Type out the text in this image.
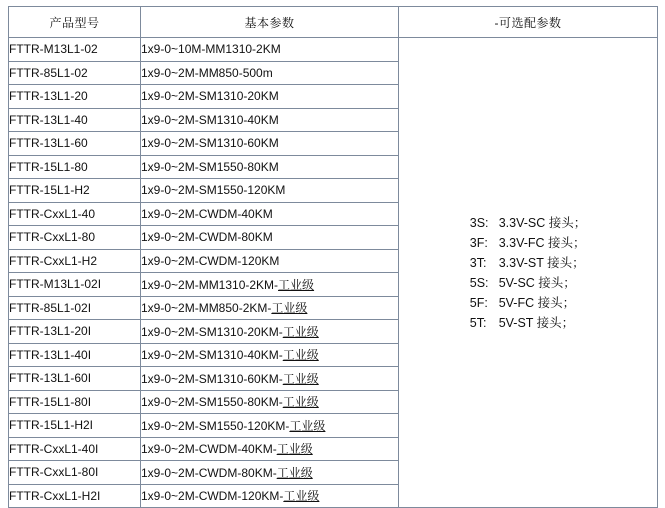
产品型号	基本参数	-可选配参数
FTTR-M13L1-02	1x9-0~10M-MM1310-2KM	
3S:  3.3V-SC 接头；
3F:  3.3V-FC 接头；
3T:  3.3V-ST 接头；
5S:  5V-SC 接头；
5F:  5V-FC 接头；
5T:  5V-ST 接头；

FTTR-85L1-02	1x9-0~2M-MM850-500m	
FTTR-13L1-20	1x9-0~2M-SM1310-20KM	
FTTR-13L1-40	1x9-0~2M-SM1310-40KM	
FTTR-13L1-60	1x9-0~2M-SM1310-60KM	
FTTR-15L1-80	1x9-0~2M-SM1550-80KM	
FTTR-15L1-H2	1x9-0~2M-SM1550-120KM	
FTTR-CxxL1-40	1x9-0~2M-CWDM-40KM	
FTTR-CxxL1-80	1x9-0~2M-CWDM-80KM	
FTTR-CxxL1-H2	1x9-0~2M-CWDM-120KM	
FTTR-M13L1-02I	1x9-0~2M-MM1310-2KM-工业级	
FTTR-85L1-02I	1x9-0~2M-MM850-2KM-工业级	
FTTR-13L1-20I	1x9-0~2M-SM1310-20KM-工业级	
FTTR-13L1-40I	1x9-0~2M-SM1310-40KM-工业级	
FTTR-13L1-60I	1x9-0~2M-SM1310-60KM-工业级	
FTTR-15L1-80I	1x9-0~2M-SM1550-80KM-工业级	
FTTR-15L1-H2I	1x9-0~2M-SM1550-120KM-工业级	
FTTR-CxxL1-40I	1x9-0~2M-CWDM-40KM-工业级	
FTTR-CxxL1-80I	1x9-0~2M-CWDM-80KM-工业级	
FTTR-CxxL1-H2I	1x9-0~2M-CWDM-120KM-工业级	
